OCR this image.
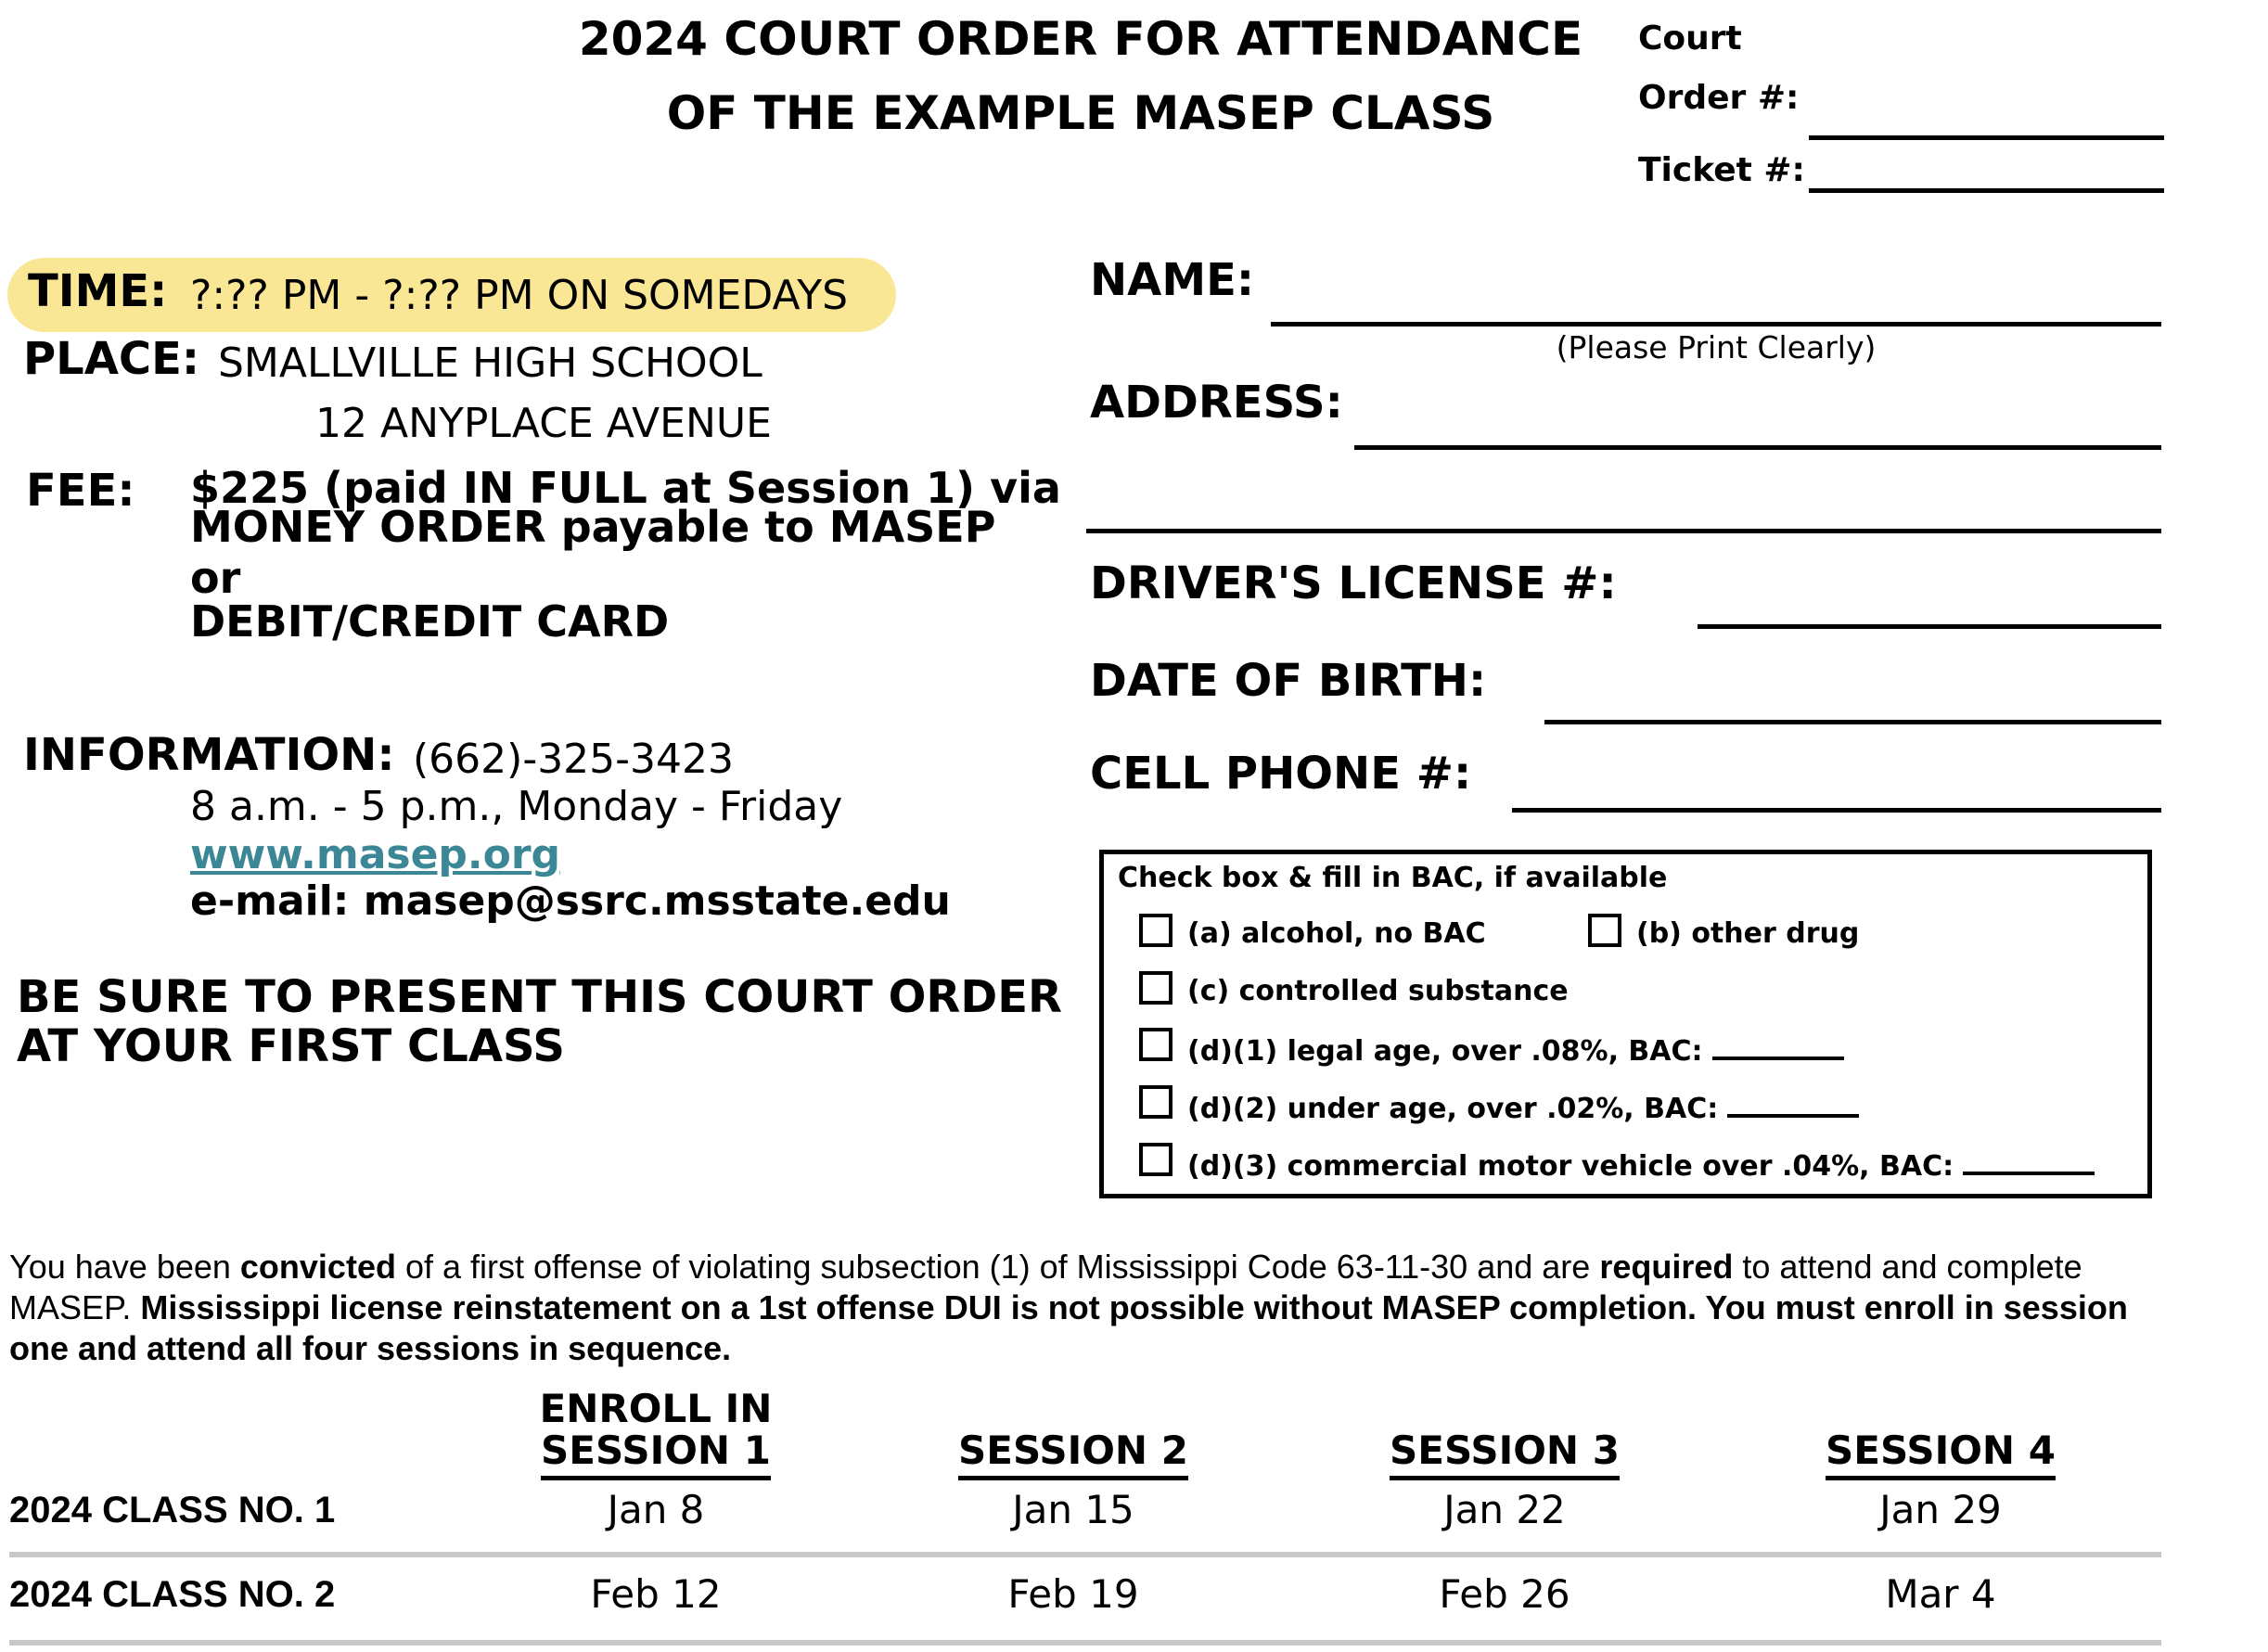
2024 COURT ORDER FOR ATTENDANCE
OF THE EXAMPLE MASEP CLASS
Court
Order #:
Ticket #:
TIME: ?:?? PM - ?:?? PM ON SOMEDAYS
PLACE: SMALLVILLE HIGH SCHOOL
12 ANYPLACE AVENUE
FEE: $225 (paid IN FULL at Session 1) via
MONEY ORDER payable to MASEP
or
DEBIT/CREDIT CARD
INFORMATION: (662)-325-3423
8 a.m. - 5 p.m., Monday - Friday
www.masep.org
e-mail: masep@ssrc.msstate.edu
BE SURE TO PRESENT THIS COURT ORDER
AT YOUR FIRST CLASS
NAME:
(Please Print Clearly)
ADDRESS:
DRIVER'S LICENSE #:
DATE OF BIRTH:
CELL PHONE #:
Check box & fill in BAC, if available
(a) alcohol, no BAC	(b) other drug
(c) controlled substance
(d)(1) legal age, over .08%, BAC:
(d)(2) under age, over .02%, BAC:
(d)(3) commercial motor vehicle over .04%, BAC:
You have been convicted of a first offense of violating subsection (1) of Mississippi Code 63-11-30 and are required to attend and complete MASEP. Mississippi license reinstatement on a 1st offense DUI is not possible without MASEP completion. You must enroll in session one and attend all four sessions in sequence.
ENROLL IN
SESSION 1	SESSION 2	SESSION 3	SESSION 4
2024 CLASS NO. 1	Jan 8	Jan 15	Jan 22	Jan 29
2024 CLASS NO. 2	Feb 12	Feb 19	Feb 26	Mar 4
